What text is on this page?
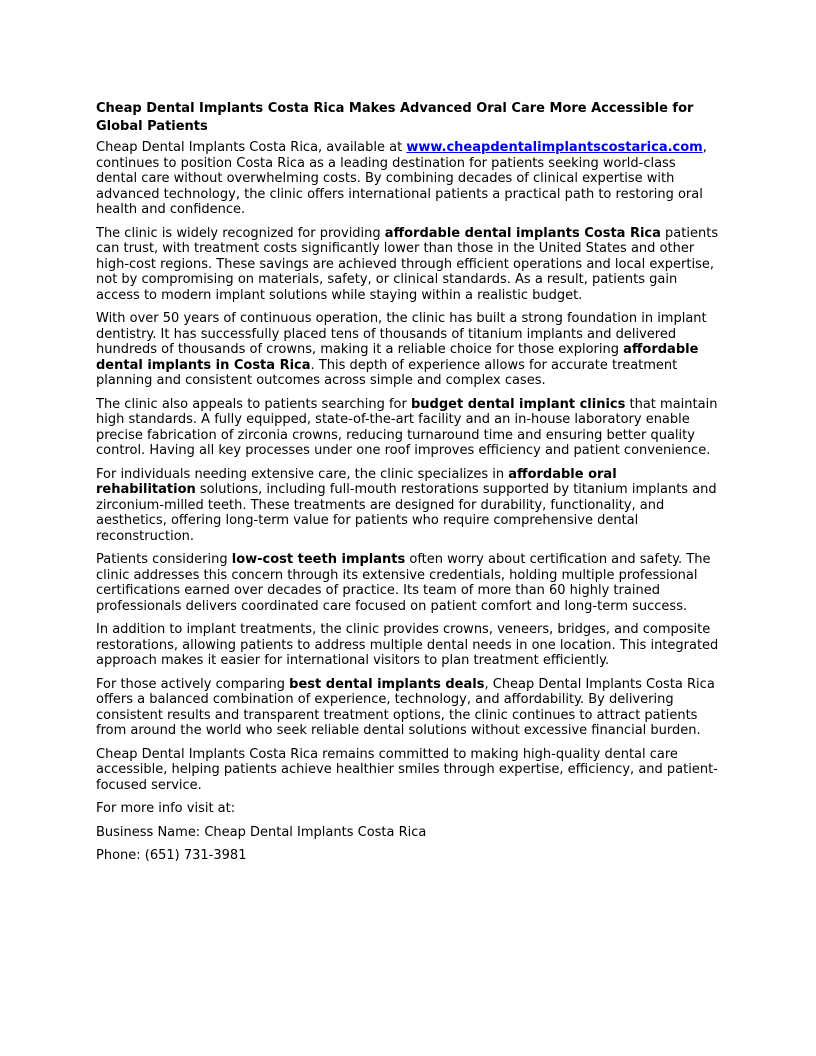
Cheap Dental Implants Costa Rica Makes Advanced Oral Care More Accessible for Global Patients

Cheap Dental Implants Costa Rica, available at www.cheapdentalimplantscostarica.com, continues to position Costa Rica as a leading destination for patients seeking world-class dental care without overwhelming costs. By combining decades of clinical expertise with advanced technology, the clinic offers international patients a practical path to restoring oral health and confidence.

The clinic is widely recognized for providing affordable dental implants Costa Rica patients can trust, with treatment costs significantly lower than those in the United States and other high-cost regions. These savings are achieved through efficient operations and local expertise, not by compromising on materials, safety, or clinical standards. As a result, patients gain access to modern implant solutions while staying within a realistic budget.

With over 50 years of continuous operation, the clinic has built a strong foundation in implant dentistry. It has successfully placed tens of thousands of titanium implants and delivered hundreds of thousands of crowns, making it a reliable choice for those exploring affordable dental implants in Costa Rica. This depth of experience allows for accurate treatment planning and consistent outcomes across simple and complex cases.

The clinic also appeals to patients searching for budget dental implant clinics that maintain high standards. A fully equipped, state-of-the-art facility and an in-house laboratory enable precise fabrication of zirconia crowns, reducing turnaround time and ensuring better quality control. Having all key processes under one roof improves efficiency and patient convenience.

For individuals needing extensive care, the clinic specializes in affordable oral rehabilitation solutions, including full-mouth restorations supported by titanium implants and zirconium-milled teeth. These treatments are designed for durability, functionality, and aesthetics, offering long-term value for patients who require comprehensive dental reconstruction.

Patients considering low-cost teeth implants often worry about certification and safety. The clinic addresses this concern through its extensive credentials, holding multiple professional certifications earned over decades of practice. Its team of more than 60 highly trained professionals delivers coordinated care focused on patient comfort and long-term success.

In addition to implant treatments, the clinic provides crowns, veneers, bridges, and composite restorations, allowing patients to address multiple dental needs in one location. This integrated approach makes it easier for international visitors to plan treatment efficiently.

For those actively comparing best dental implants deals, Cheap Dental Implants Costa Rica offers a balanced combination of experience, technology, and affordability. By delivering consistent results and transparent treatment options, the clinic continues to attract patients from around the world who seek reliable dental solutions without excessive financial burden.

Cheap Dental Implants Costa Rica remains committed to making high-quality dental care accessible, helping patients achieve healthier smiles through expertise, efficiency, and patient-focused service.

For more info visit at:

Business Name: Cheap Dental Implants Costa Rica

Phone: (651) 731-3981
